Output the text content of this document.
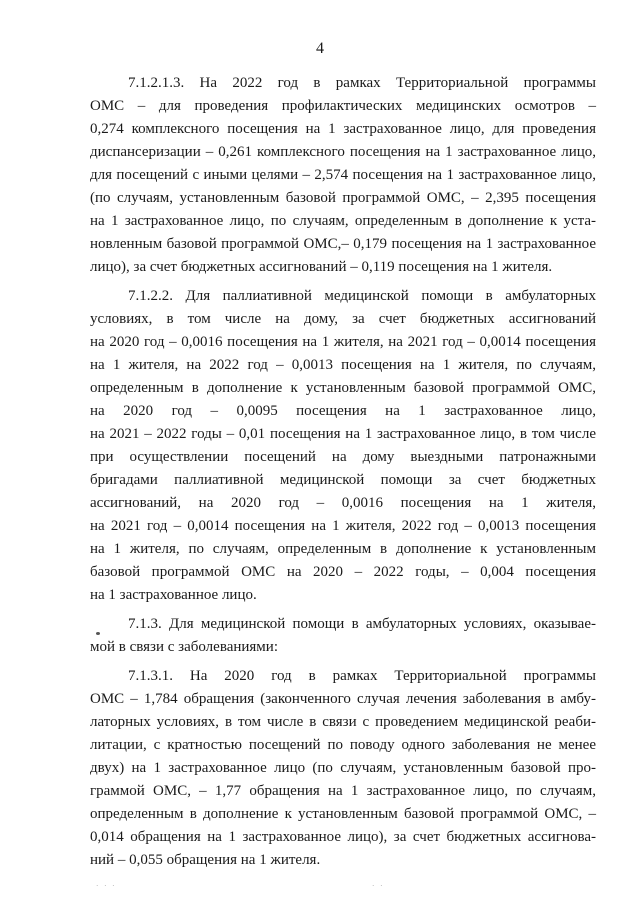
4

7.1.2.1.3. На 2022 год в рамках Территориальной программы
ОМС – для проведения профилактических медицинских осмотров –
0,274 комплексного посещения на 1 застрахованное лицо, для проведения
диспансеризации – 0,261 комплексного посещения на 1 застрахованное лицо,
для посещений с иными целями – 2,574 посещения на 1 застрахованное лицо,
(по случаям, установленным базовой программой ОМС, – 2,395 посещения
на 1 застрахованное лицо, по случаям, определенным в дополнение к уста-
новленным базовой программой ОМС,– 0,179 посещения на 1 застрахованное
лицо), за счет бюджетных ассигнований – 0,119 посещения на 1 жителя.

7.1.2.2. Для паллиативной медицинской помощи в амбулаторных
условиях, в том числе на дому, за счет бюджетных ассигнований
на 2020 год – 0,0016 посещения на 1 жителя, на 2021 год – 0,0014 посещения
на 1 жителя, на 2022 год – 0,0013 посещения на 1 жителя, по случаям,
определенным в дополнение к установленным базовой программой ОМС,
на 2020 год – 0,0095 посещения на 1 застрахованное лицо,
на 2021 – 2022 годы – 0,01 посещения на 1 застрахованное лицо, в том числе
при осуществлении посещений на дому выездными патронажными
бригадами паллиативной медицинской помощи за счет бюджетных
ассигнований, на 2020 год – 0,0016 посещения на 1 жителя,
на 2021 год – 0,0014 посещения на 1 жителя, 2022 год – 0,0013 посещения
на 1 жителя, по случаям, определенным в дополнение к установленным
базовой программой ОМС на 2020 – 2022 годы, – 0,004 посещения
на 1 застрахованное лицо.

7.1.3. Для медицинской помощи в амбулаторных условиях, оказывае-
мой в связи с заболеваниями:

7.1.3.1. На 2020 год в рамках Территориальной программы
ОМС – 1,784 обращения (законченного случая лечения заболевания в амбу-
латорных условиях, в том числе в связи с проведением медицинской реаби-
литации, с кратностью посещений по поводу одного заболевания не менее
двух) на 1 застрахованное лицо (по случаям, установленным базовой про-
граммой ОМС, – 1,77 обращения на 1 застрахованное лицо, по случаям,
определенным в дополнение к установленным базовой программой ОМС, –
0,014 обращения на 1 застрахованное лицо), за счет бюджетных ассигнова-
ний – 0,055 обращения на 1 жителя.

· · ·	· ·
